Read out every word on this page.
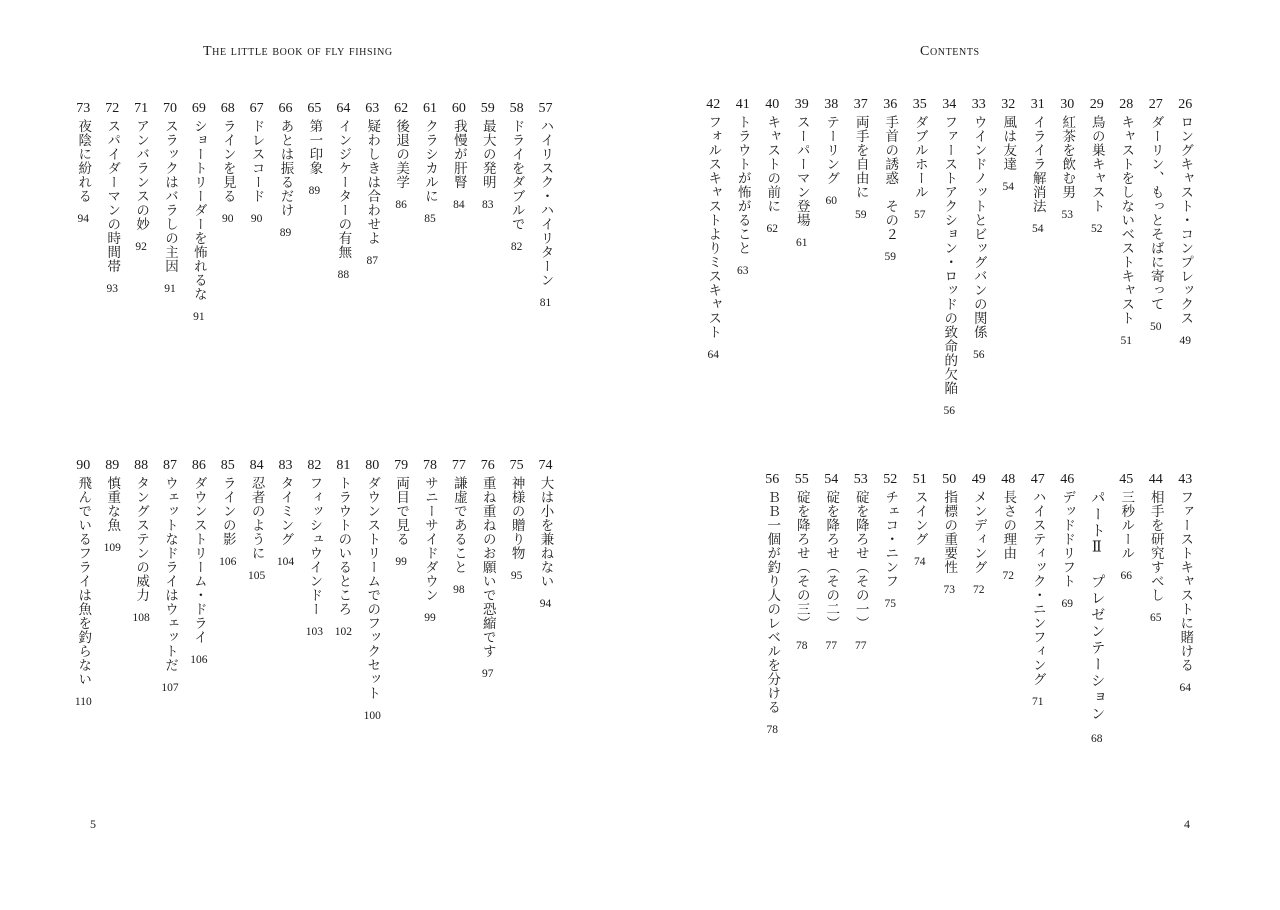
The little book of fly fihsing
57
ハイリスク・ハイリターン
81
58
ドライをダブルで
82
59
最大の発明
83
60
我慢が肝腎
84
61
クラシカルに
85
62
後退の美学
86
63
疑わしきは合わせよ
87
64
インジケーターの有無
88
65
第一印象
89
66
あとは振るだけ
89
67
ドレスコード
90
68
ラインを見る
90
69
ショートリーダーを怖れるな
91
70
スラックはバラしの主因
91
71
アンバランスの妙
92
72
スパイダーマンの時間帯
93
73
夜陰に紛れる
94
74
大は小を兼ねない
94
75
神様の贈り物
95
76
重ね重ねのお願いで恐縮です
97
77
謙虚であること
98
78
サニーサイドダウン
99
79
両目で見る
99
80
ダウンストリームでのフックセット
100
81
トラウトのいるところ
102
82
フィッシュウインドー
103
83
タイミング
104
84
忍者のように
105
85
ラインの影
106
86
ダウンストリーム・ドライ
106
87
ウェットなドライはウェットだ
107
88
タングステンの威力
108
89
慎重な魚
109
90
飛んでいるフライは魚を釣らない
110
5
Contents
26
ロングキャスト・コンプレックス
49
27
ダーリン、もっとそばに寄って
50
28
キャストをしないベストキャスト
51
29
鳥の巣キャスト
52
30
紅茶を飲む男
53
31
イライラ解消法
54
32
風は友達
54
33
ウインドノットとビッグバンの関係
56
34
ファーストアクション・ロッドの致命的欠陥
56
35
ダブルホール
57
36
手首の誘惑　その２
59
37
両手を自由に
59
38
テーリング
60
39
スーパーマン登場
61
40
キャストの前に
62
41
トラウトが怖がること
63
42
フォルスキャストよりミスキャスト
64
43
ファーストキャストに賭ける
64
44
相手を研究すべし
65
45
三秒ルール
66
パートⅡ　プレゼンテーション
68
46
デッドドリフト
69
47
ハイスティック・ニンフィング
71
48
長さの理由
72
49
メンディング
72
50
指標の重要性
73
51
スイング
74
52
チェコ・ニンフ
75
53
碇を降ろせ（その一）
77
54
碇を降ろせ（その二）
77
55
碇を降ろせ（その三）
78
56
ＢＢ一個が釣り人のレベルを分ける
78
4
